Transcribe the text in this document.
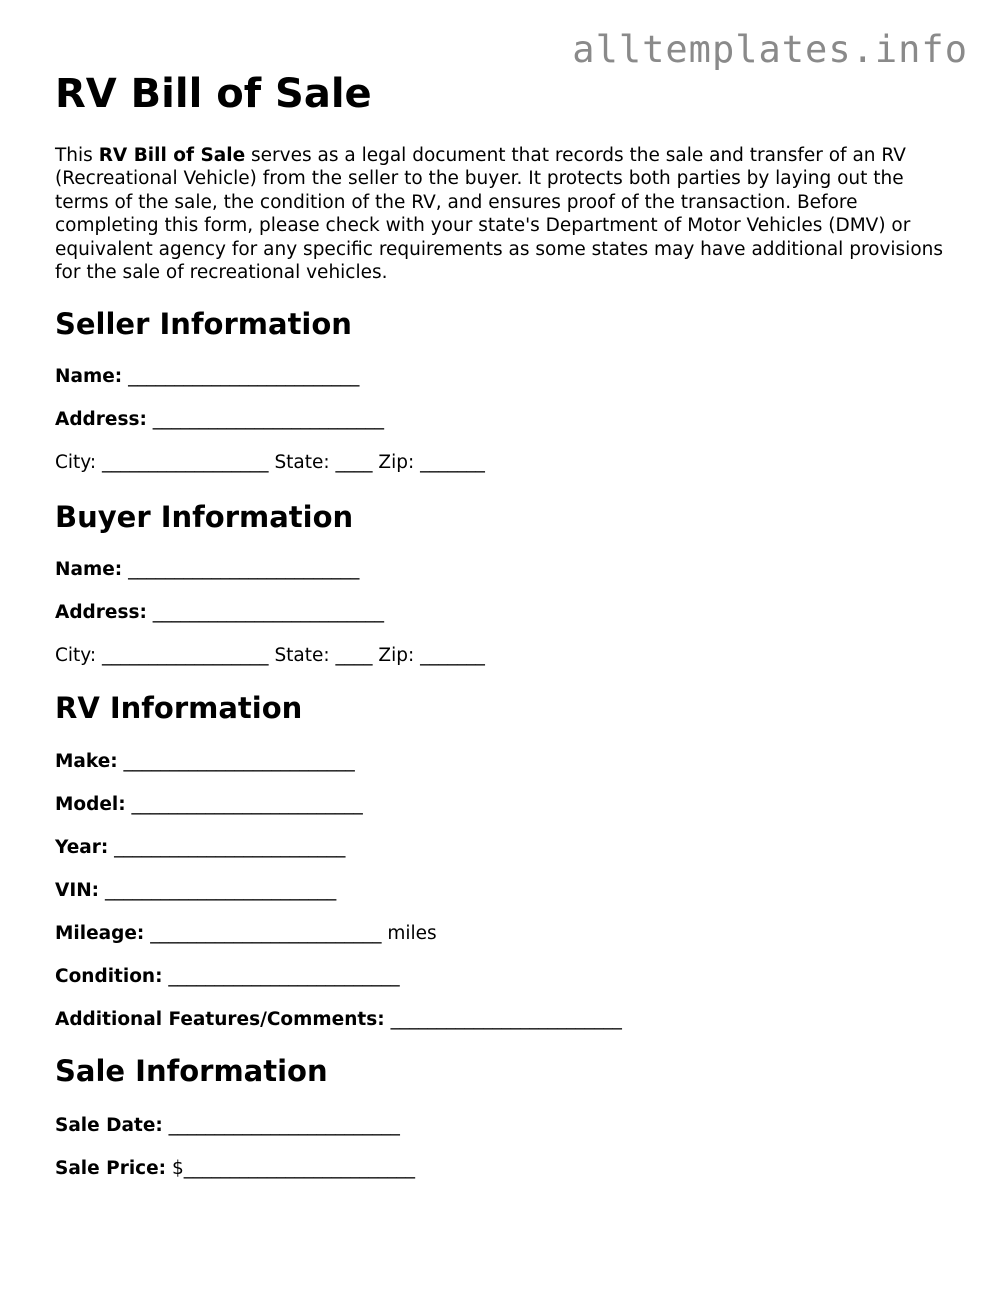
alltemplates.info
RV Bill of Sale

This RV Bill of Sale serves as a legal document that records the sale and transfer of an RV (Recreational Vehicle) from the seller to the buyer. It protects both parties by laying out the terms of the sale, the condition of the RV, and ensures proof of the transaction. Before completing this form, please check with your state's Department of Motor Vehicles (DMV) or equivalent agency for any specific requirements as some states may have additional provisions for the sale of recreational vehicles.

Seller Information
Name: _________________________
Address: _________________________
City: __________________ State: ____ Zip: _______
Buyer Information
Name: _________________________
Address: _________________________
City: __________________ State: ____ Zip: _______
RV Information
Make: _________________________
Model: _________________________
Year: _________________________
VIN: _________________________
Mileage: _________________________ miles
Condition: _________________________
Additional Features/Comments: _________________________
Sale Information
Sale Date: _________________________
Sale Price: $_________________________
